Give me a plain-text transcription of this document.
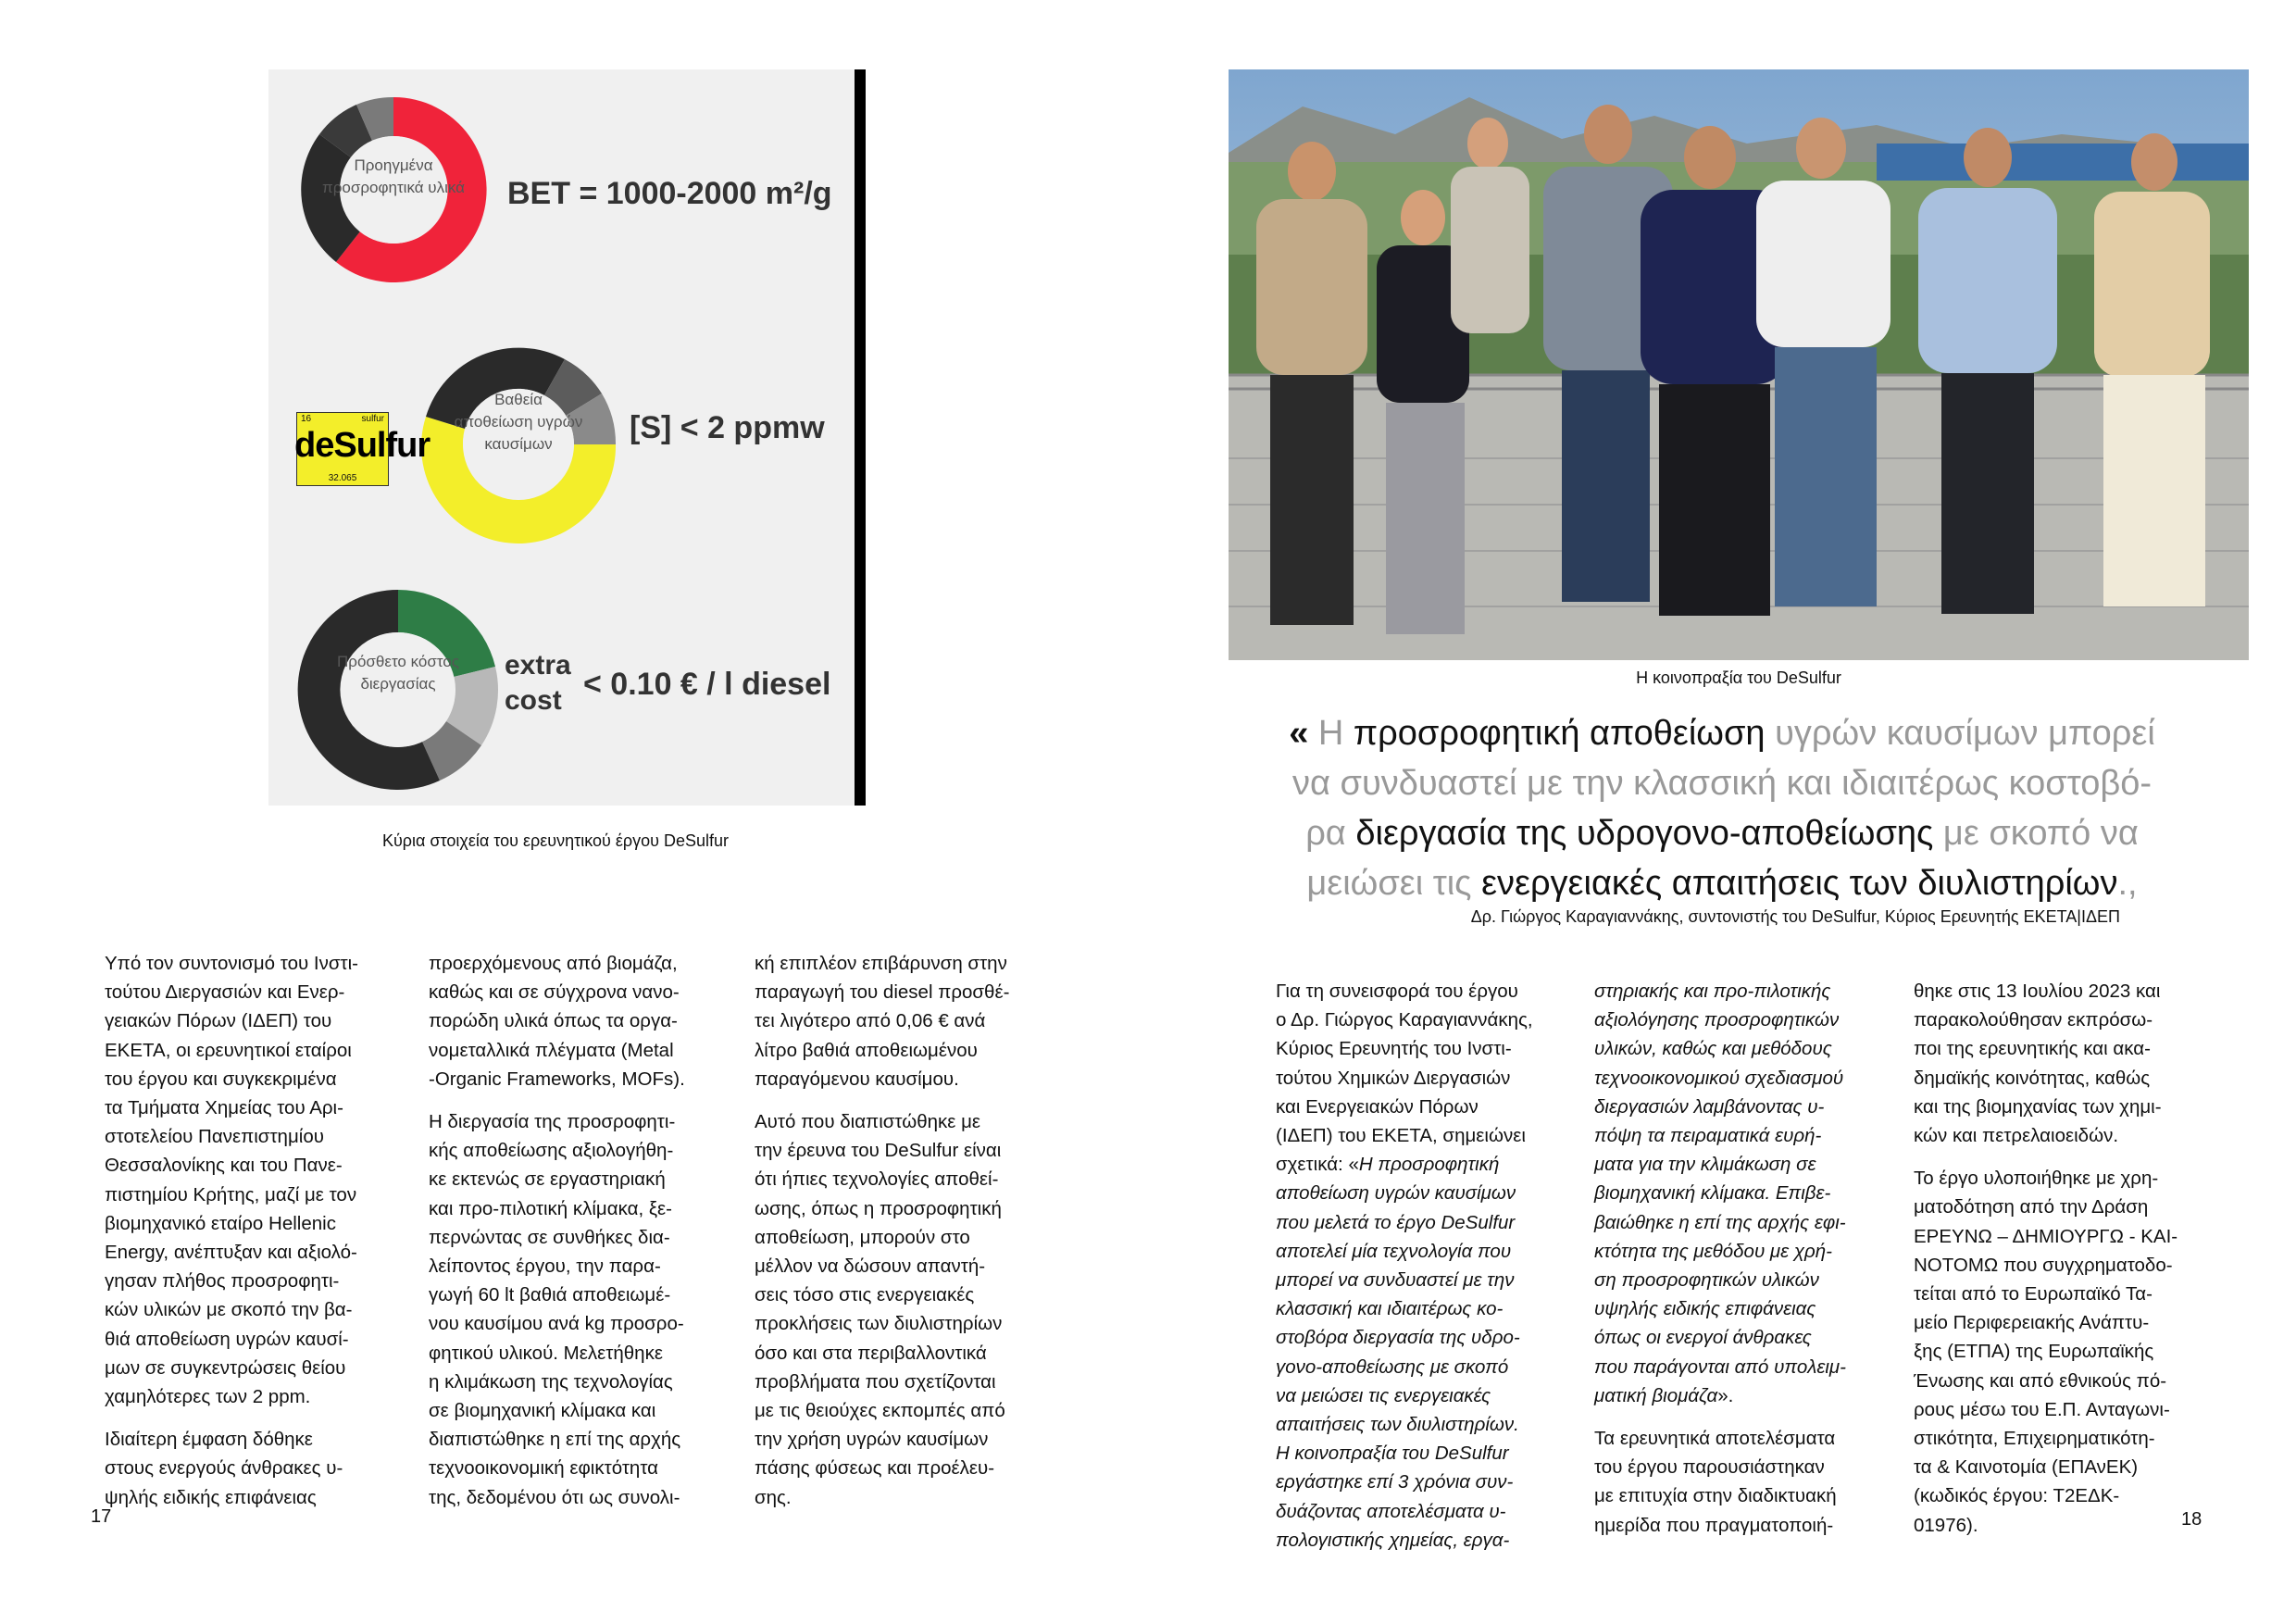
Προηγμένα προσροφητικά υλικά BET = 1000-2000 m²/g
Βαθεία αποθείωση υγρών καυσίμων	[S] < 2 ppmw
16	sulfur
32.065
deSulfur
Πρόσθετο κόστος διεργασίας
extra
cost < 0.10 € / l diesel
Κύρια στοιχεία του ερευνητικού έργου DeSulfur

Υπό τον συντονισμό του Ινστι-
τούτου Διεργασιών και Ενερ-
γειακών Πόρων (ΙΔΕΠ) του
ΕΚΕΤΑ, οι ερευνητικοί εταίροι
του έργου και συγκεκριμένα
τα Τμήματα Χημείας του Αρι-
στοτελείου Πανεπιστημίου
Θεσσαλονίκης και του Πανε-
πιστημίου Κρήτης, μαζί με τον
βιομηχανικό εταίρο Hellenic
Energy, ανέπτυξαν και αξιολό-
γησαν πλήθος προσροφητι-
κών υλικών με σκοπό την βα-
θιά αποθείωση υγρών καυσί-
μων σε συγκεντρώσεις θείου
χαμηλότερες των 2 ppm.

Ιδιαίτερη έμφαση δόθηκε
στους ενεργούς άνθρακες υ-
ψηλής ειδικής επιφάνειας

προερχόμενους από βιομάζα,
καθώς και σε σύγχρονα νανο-
πορώδη υλικά όπως τα οργα-
νομεταλλικά πλέγματα (Metal
-Organic Frameworks, MOFs).

Η διεργασία της προσροφητι-
κής αποθείωσης αξιολογήθη-
κε εκτενώς σε εργαστηριακή
και προ-πιλοτική κλίμακα, ξε-
περνώντας σε συνθήκες δια-
λείποντος έργου, την παρα-
γωγή 60 lt βαθιά αποθειωμέ-
νου καυσίμου ανά kg προσρο-
φητικού υλικού. Μελετήθηκε
η κλιμάκωση της τεχνολογίας
σε βιομηχανική κλίμακα και
διαπιστώθηκε η επί της αρχής
τεχνοοικονομική εφικτότητα
της, δεδομένου ότι ως συνολι-

κή επιπλέον επιβάρυνση στην
παραγωγή του diesel προσθέ-
τει λιγότερο από 0,06 € ανά
λίτρο βαθιά αποθειωμένου
παραγόμενου καυσίμου.

Αυτό που διαπιστώθηκε με
την έρευνα του DeSulfur είναι
ότι ήπιες τεχνολογίες αποθεί-
ωσης, όπως η προσροφητική
αποθείωση, μπορούν στο
μέλλον να δώσουν απαντή-
σεις τόσο στις ενεργειακές
προκλήσεις των διυλιστηρίων
όσο και στα περιβαλλοντικά
προβλήματα που σχετίζονται
με τις θειούχες εκπομπές από
την χρήση υγρών καυσίμων
πάσης φύσεως και προέλευ-
σης.

17
Η κοινοπραξία του DeSulfur
« Η προσροφητική αποθείωση υγρών καυσίμων μπορεί
να συνδυαστεί με την κλασσική και ιδιαιτέρως κοστοβό-
ρα διεργασία της υδρογονο-αποθείωσης με σκοπό να
μειώσει τις ενεργειακές απαιτήσεις των διυλιστηρίων.,
Δρ. Γιώργος Καραγιαννάκης, συντονιστής του DeSulfur, Κύριος Ερευνητής ΕΚΕΤΑ|ΙΔΕΠ

Για τη συνεισφορά του έργου
ο Δρ. Γιώργος Καραγιαννάκης,
Κύριος Ερευνητής του Ινστι-
τούτου Χημικών Διεργασιών
και Ενεργειακών Πόρων
(ΙΔΕΠ) του ΕΚΕΤΑ, σημειώνει
σχετικά: «Η προσροφητική
αποθείωση υγρών καυσίμων
που μελετά το έργο DeSulfur
αποτελεί μία τεχνολογία που
μπορεί να συνδυαστεί με την
κλασσική και ιδιαιτέρως κο-
στοβόρα διεργασία της υδρο-
γονο-αποθείωσης με σκοπό
να μειώσει τις ενεργειακές
απαιτήσεις των διυλιστηρίων.
Η κοινοπραξία του DeSulfur
εργάστηκε επί 3 χρόνια συν-
δυάζοντας αποτελέσματα υ-
πολογιστικής χημείας, εργα-

στηριακής και προ-πιλοτικής
αξιολόγησης προσροφητικών
υλικών, καθώς και μεθόδους
τεχνοοικονομικού σχεδιασμού
διεργασιών λαμβάνοντας υ-
πόψη τα πειραματικά ευρή-
ματα για την κλιμάκωση σε
βιομηχανική κλίμακα. Επιβε-
βαιώθηκε η επί της αρχής εφι-
κτότητα της μεθόδου με χρή-
ση προσροφητικών υλικών
υψηλής ειδικής επιφάνειας
όπως οι ενεργοί άνθρακες
που παράγονται από υπολειμ-
ματική βιομάζα».

Τα ερευνητικά αποτελέσματα
του έργου παρουσιάστηκαν
με επιτυχία στην διαδικτυακή
ημερίδα που πραγματοποιή-

θηκε στις 13 Ιουλίου 2023 και
παρακολούθησαν εκπρόσω-
ποι της ερευνητικής και ακα-
δημαϊκής κοινότητας, καθώς
και της βιομηχανίας των χημι-
κών και πετρελαιοειδών.

Το έργο υλοποιήθηκε με χρη-
ματοδότηση από την Δράση
ΕΡΕΥΝΩ – ΔΗΜΙΟΥΡΓΩ - ΚΑΙ-
ΝΟΤΟΜΩ που συγχρηματοδο-
τείται από το Ευρωπαϊκό Τα-
μείο Περιφερειακής Ανάπτυ-
ξης (ΕΤΠΑ) της Ευρωπαϊκής
Ένωσης και από εθνικούς πό-
ρους μέσω του Ε.Π. Ανταγωνι-
στικότητα, Επιχειρηματικότη-
τα & Καινοτομία (ΕΠΑνΕΚ)
(κωδικός έργου: Τ2ΕΔΚ-
01976).	18
